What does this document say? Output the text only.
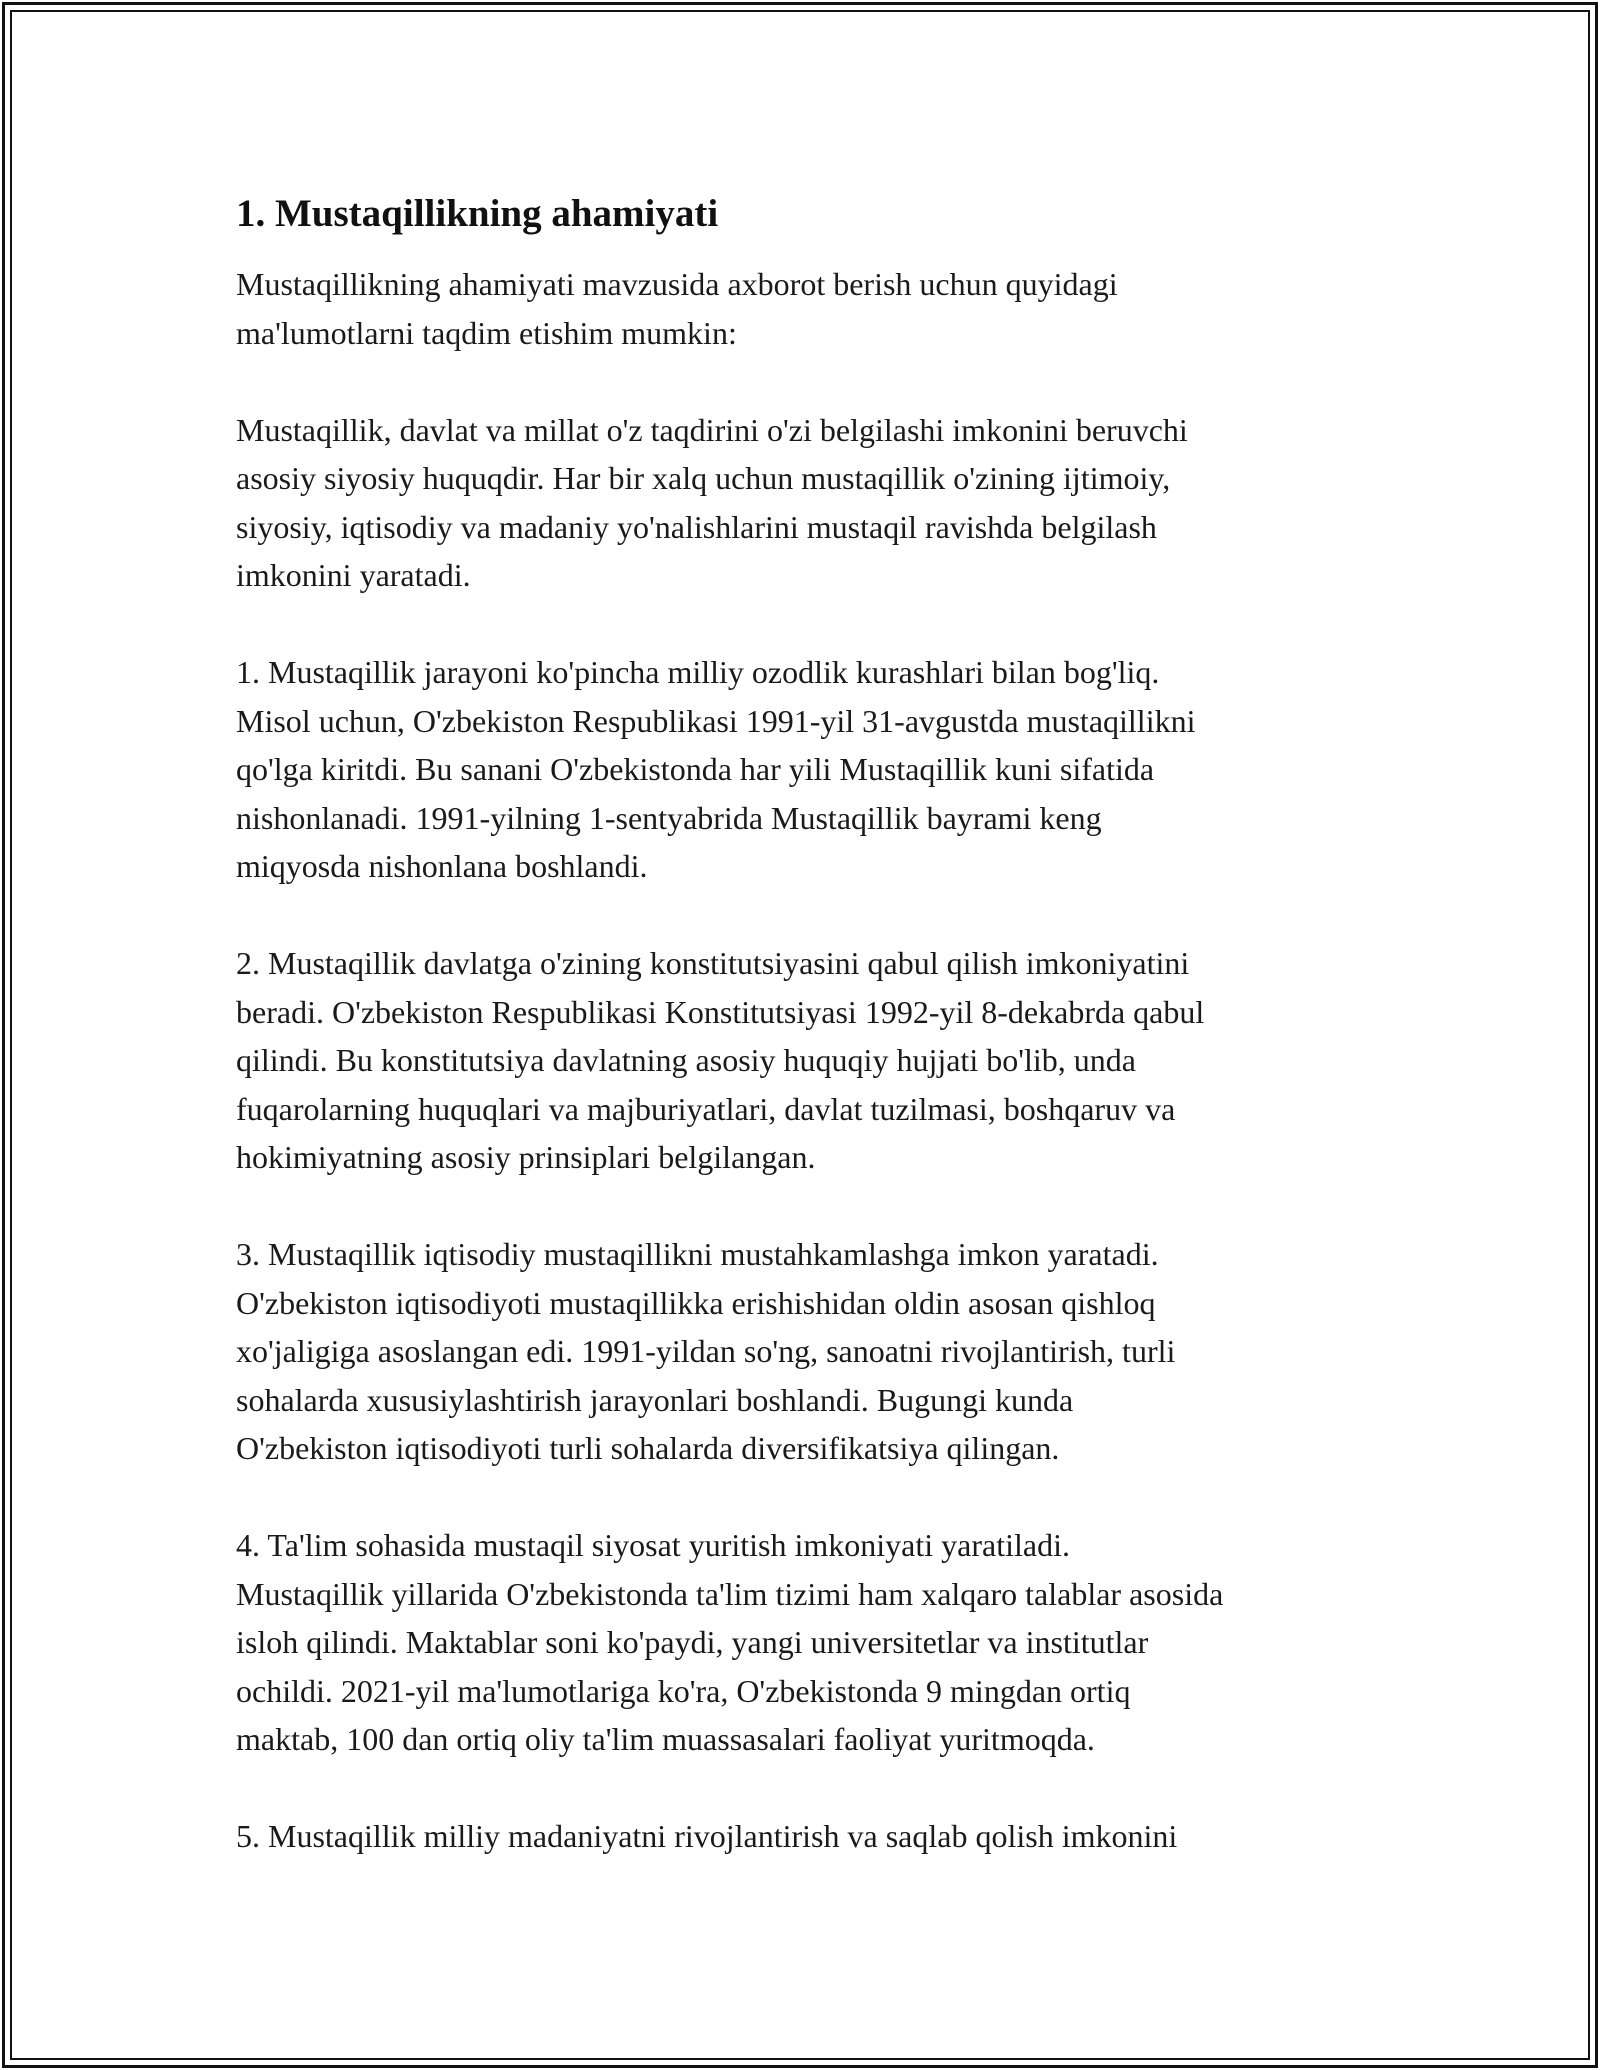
1. Mustaqillikning ahamiyati

Mustaqillikning ahamiyati mavzusida axborot berish uchun quyidagi
ma'lumotlarni taqdim etishim mumkin:

Mustaqillik, davlat va millat o'z taqdirini o'zi belgilashi imkonini beruvchi
asosiy siyosiy huquqdir. Har bir xalq uchun mustaqillik o'zining ijtimoiy,
siyosiy, iqtisodiy va madaniy yo'nalishlarini mustaqil ravishda belgilash
imkonini yaratadi.

1. Mustaqillik jarayoni ko'pincha milliy ozodlik kurashlari bilan bog'liq.
Misol uchun, O'zbekiston Respublikasi 1991-yil 31-avgustda mustaqillikni
qo'lga kiritdi. Bu sanani O'zbekistonda har yili Mustaqillik kuni sifatida
nishonlanadi. 1991-yilning 1-sentyabrida Mustaqillik bayrami keng
miqyosda nishonlana boshlandi.

2. Mustaqillik davlatga o'zining konstitutsiyasini qabul qilish imkoniyatini
beradi. O'zbekiston Respublikasi Konstitutsiyasi 1992-yil 8-dekabrda qabul
qilindi. Bu konstitutsiya davlatning asosiy huquqiy hujjati bo'lib, unda
fuqarolarning huquqlari va majburiyatlari, davlat tuzilmasi, boshqaruv va
hokimiyatning asosiy prinsiplari belgilangan.

3. Mustaqillik iqtisodiy mustaqillikni mustahkamlashga imkon yaratadi.
O'zbekiston iqtisodiyoti mustaqillikka erishishidan oldin asosan qishloq
xo'jaligiga asoslangan edi. 1991-yildan so'ng, sanoatni rivojlantirish, turli
sohalarda xususiylashtirish jarayonlari boshlandi. Bugungi kunda
O'zbekiston iqtisodiyoti turli sohalarda diversifikatsiya qilingan.

4. Ta'lim sohasida mustaqil siyosat yuritish imkoniyati yaratiladi.
Mustaqillik yillarida O'zbekistonda ta'lim tizimi ham xalqaro talablar asosida
isloh qilindi. Maktablar soni ko'paydi, yangi universitetlar va institutlar
ochildi. 2021-yil ma'lumotlariga ko'ra, O'zbekistonda 9 mingdan ortiq
maktab, 100 dan ortiq oliy ta'lim muassasalari faoliyat yuritmoqda.

5. Mustaqillik milliy madaniyatni rivojlantirish va saqlab qolish imkonini
